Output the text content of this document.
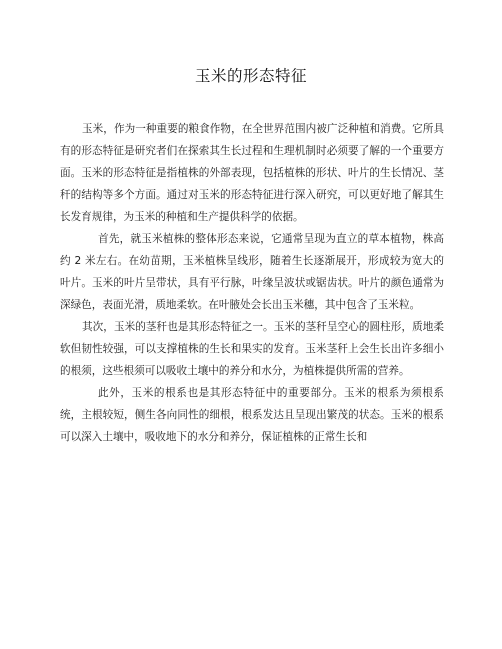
玉米的形态特征

玉米，作为一种重要的粮食作物，在全世界范围内被广泛种植和消费。它所具有的形态特征是研究者们在探索其生长过程和生理机制时必须要了解的一个重要方面。玉米的形态特征是指植株的外部表现，包括植株的形状、叶片的生长情况、茎秆的结构等多个方面。通过对玉米的形态特征进行深入研究，可以更好地了解其生长发育规律，为玉米的种植和生产提供科学的依据。

首先，就玉米植株的整体形态来说，它通常呈现为直立的草本植物，株高约 2 米左右。在幼苗期，玉米植株呈线形，随着生长逐渐展开，形成较为宽大的叶片。玉米的叶片呈带状，具有平行脉，叶缘呈波状或锯齿状。叶片的颜色通常为深绿色，表面光滑，质地柔软。在叶腋处会长出玉米穗，其中包含了玉米粒。

其次，玉米的茎秆也是其形态特征之一。玉米的茎秆呈空心的圆柱形，质地柔软但韧性较强，可以支撑植株的生长和果实的发育。玉米茎秆上会生长出许多细小的根须，这些根须可以吸收土壤中的养分和水分，为植株提供所需的营养。

此外，玉米的根系也是其形态特征中的重要部分。玉米的根系为须根系统，主根较短，侧生各向同性的细根，根系发达且呈现出繁茂的状态。玉米的根系可以深入土壤中，吸收地下的水分和养分，保证植株的正常生长和
